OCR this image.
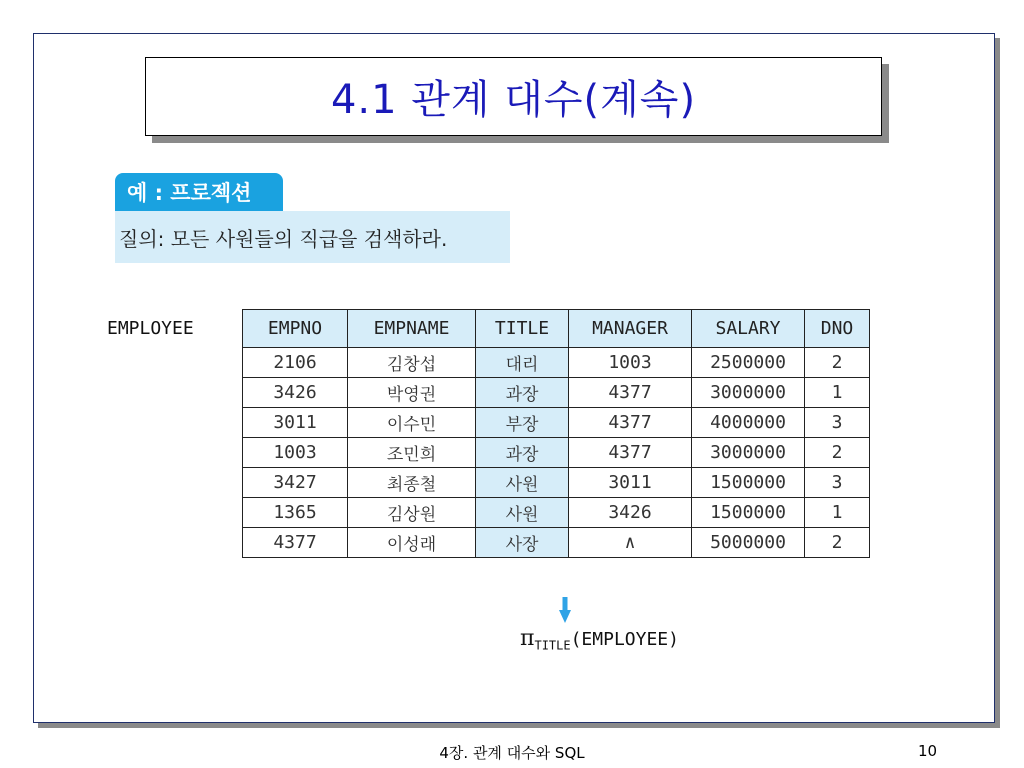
4.1 관계 대수(계속)
예 : 프로젝션
질의: 모든 사원들의 직급을 검색하라.
EMPLOYEE	EMPNO	EMPNAME	TITLE	MANAGER	SALARY	DNO
2106	김창섭	대리	1003	2500000	2
3426	박영권	과장	4377	3000000	1
3011	이수민	부장	4377	4000000	3
1003	조민희	과장	4377	3000000	2
3427	최종철	사원	3011	1500000	3
1365	김상원	사원	3426	1500000	1
4377	이성래	사장	∧	5000000	2
$\pi_{TITLE}(EMPLOYEE)$
4장. 관계 대수와 SQL	10
